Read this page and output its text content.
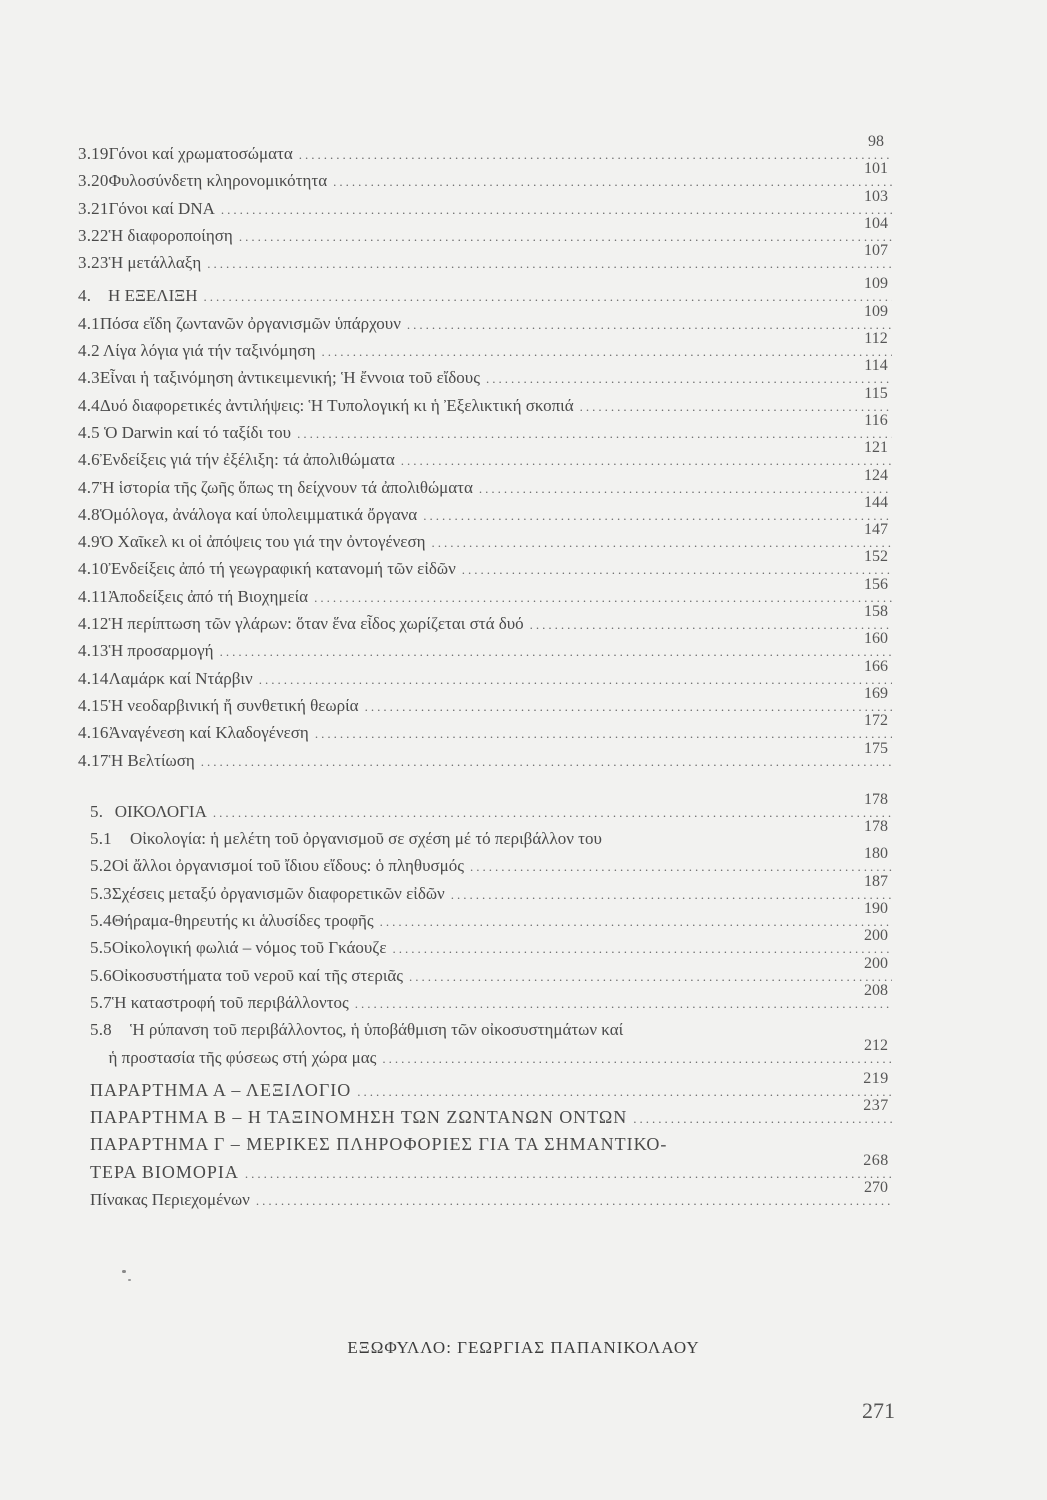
3.19 Γόνοι καί χρωματοσώματα
.....
98
3.20 Φυλοσύνδετη κληρονομικότητα
.....
101
3.21 Γόνοι καί DNA
.....
103
3.22 Ἡ διαφοροποίηση
.....
104
3.23 Ἡ μετάλλαξη
.....
107
4. Η ΕΞΕΛΙΞΗ
.....
109
4.1 Πόσα εἴδη ζωντανῶν ὀργανισμῶν ὑπάρχουν
.....
109
4.2 Λίγα λόγια γιά τήν ταξινόμηση
.....
112
4.3 Εἶναι ἡ ταξινόμηση ἀντικειμενική; Ἡ ἔννοια τοῦ εἴδους
.....
114
4.4 Δυό διαφορετικές ἀντιλήψεις: Ἡ Τυπολογική κι ἡ Ἐξελικτική σκοπιά
.....
115
4.5 Ὁ Darwin καί τό ταξίδι του
.....
116
4.6 Ἐνδείξεις γιά τήν ἐξέλιξη: τά ἀπολιθώματα
.....
121
4.7 Ἡ ἱστορία τῆς ζωῆς ὅπως τη δείχνουν τά ἀπολιθώματα
.....
124
4.8 Ὁμόλογα, ἀνάλογα καί ὑπολειμματικά ὄργανα
.....
144
4.9 Ὁ Χαῖκελ κι οἱ ἀπόψεις του γιά την ὀντογένεση
.....
147
4.10 Ἐνδείξεις ἀπό τή γεωγραφική κατανομή τῶν εἰδῶν
.....
152
4.11 Ἀποδείξεις ἀπό τή Βιοχημεία
.....
156
4.12 Ἡ περίπτωση τῶν γλάρων: ὅταν ἕνα εἶδος χωρίζεται στά δυό
.....
158
4.13 Ἡ προσαρμογή
.....
160
4.14 Λαμάρκ καί Ντάρβιν
.....
166
4.15 Ἡ νεοδαρβινική ἤ συνθετική θεωρία
.....
169
4.16 Ἀναγένεση καί Κλαδογένεση
.....
172
4.17 Ἡ Βελτίωση
.....
175
5. ΟΙΚΟΛΟΓΙΑ
.....
178
5.1	Οἰκολογία: ἡ μελέτη τοῦ ὀργανισμοῦ σε σχέση μέ τό περιβάλλον του
178
5.2 Οἱ ἄλλοι ὀργανισμοί τοῦ ἴδιου εἴδους: ὁ πληθυσμός
.....
180
5.3 Σχέσεις μεταξύ ὀργανισμῶν διαφορετικῶν εἰδῶν
.....
187
5.4 Θήραμα-θηρευτής κι ἁλυσίδες τροφῆς
.....
190
5.5 Οἰκολογική φωλιά – νόμος τοῦ Γκάουζε
.....
200
5.6 Οἰκοσυστήματα τοῦ νεροῦ καί τῆς στεριᾶς
.....
200
5.7 Ἡ καταστροφή τοῦ περιβάλλοντος
.....
208
5.8	Ἡ ρύπανση τοῦ περιβάλλοντος, ἡ ὑποβάθμιση τῶν οἰκοσυστημάτων καί
ἡ προστασία τῆς φύσεως στή χώρα μας
.....
212
ΠΑΡΑΡΤΗΜΑ Α – ΛΕΞΙΛΟΓΙΟ
.....
219
ΠΑΡΑΡΤΗΜΑ Β – Η ΤΑΞΙΝΟΜΗΣΗ ΤΩΝ ΖΩΝΤΑΝΩΝ ΟΝΤΩΝ
.....
237
ΠΑΡΑΡΤΗΜΑ Γ – ΜΕΡΙΚΕΣ ΠΛΗΡΟΦΟΡΙΕΣ ΓΙΑ ΤΑ ΣΗΜΑΝΤΙΚΟ-
ΤΕΡΑ ΒΙΟΜΟΡΙΑ
.....
268
Πίνακας Περιεχομένων
.....
270
ΕΞΩΦΥΛΛΟ: ΓΕΩΡΓΙΑΣ ΠΑΠΑΝΙΚΟΛΑΟΥ
271
